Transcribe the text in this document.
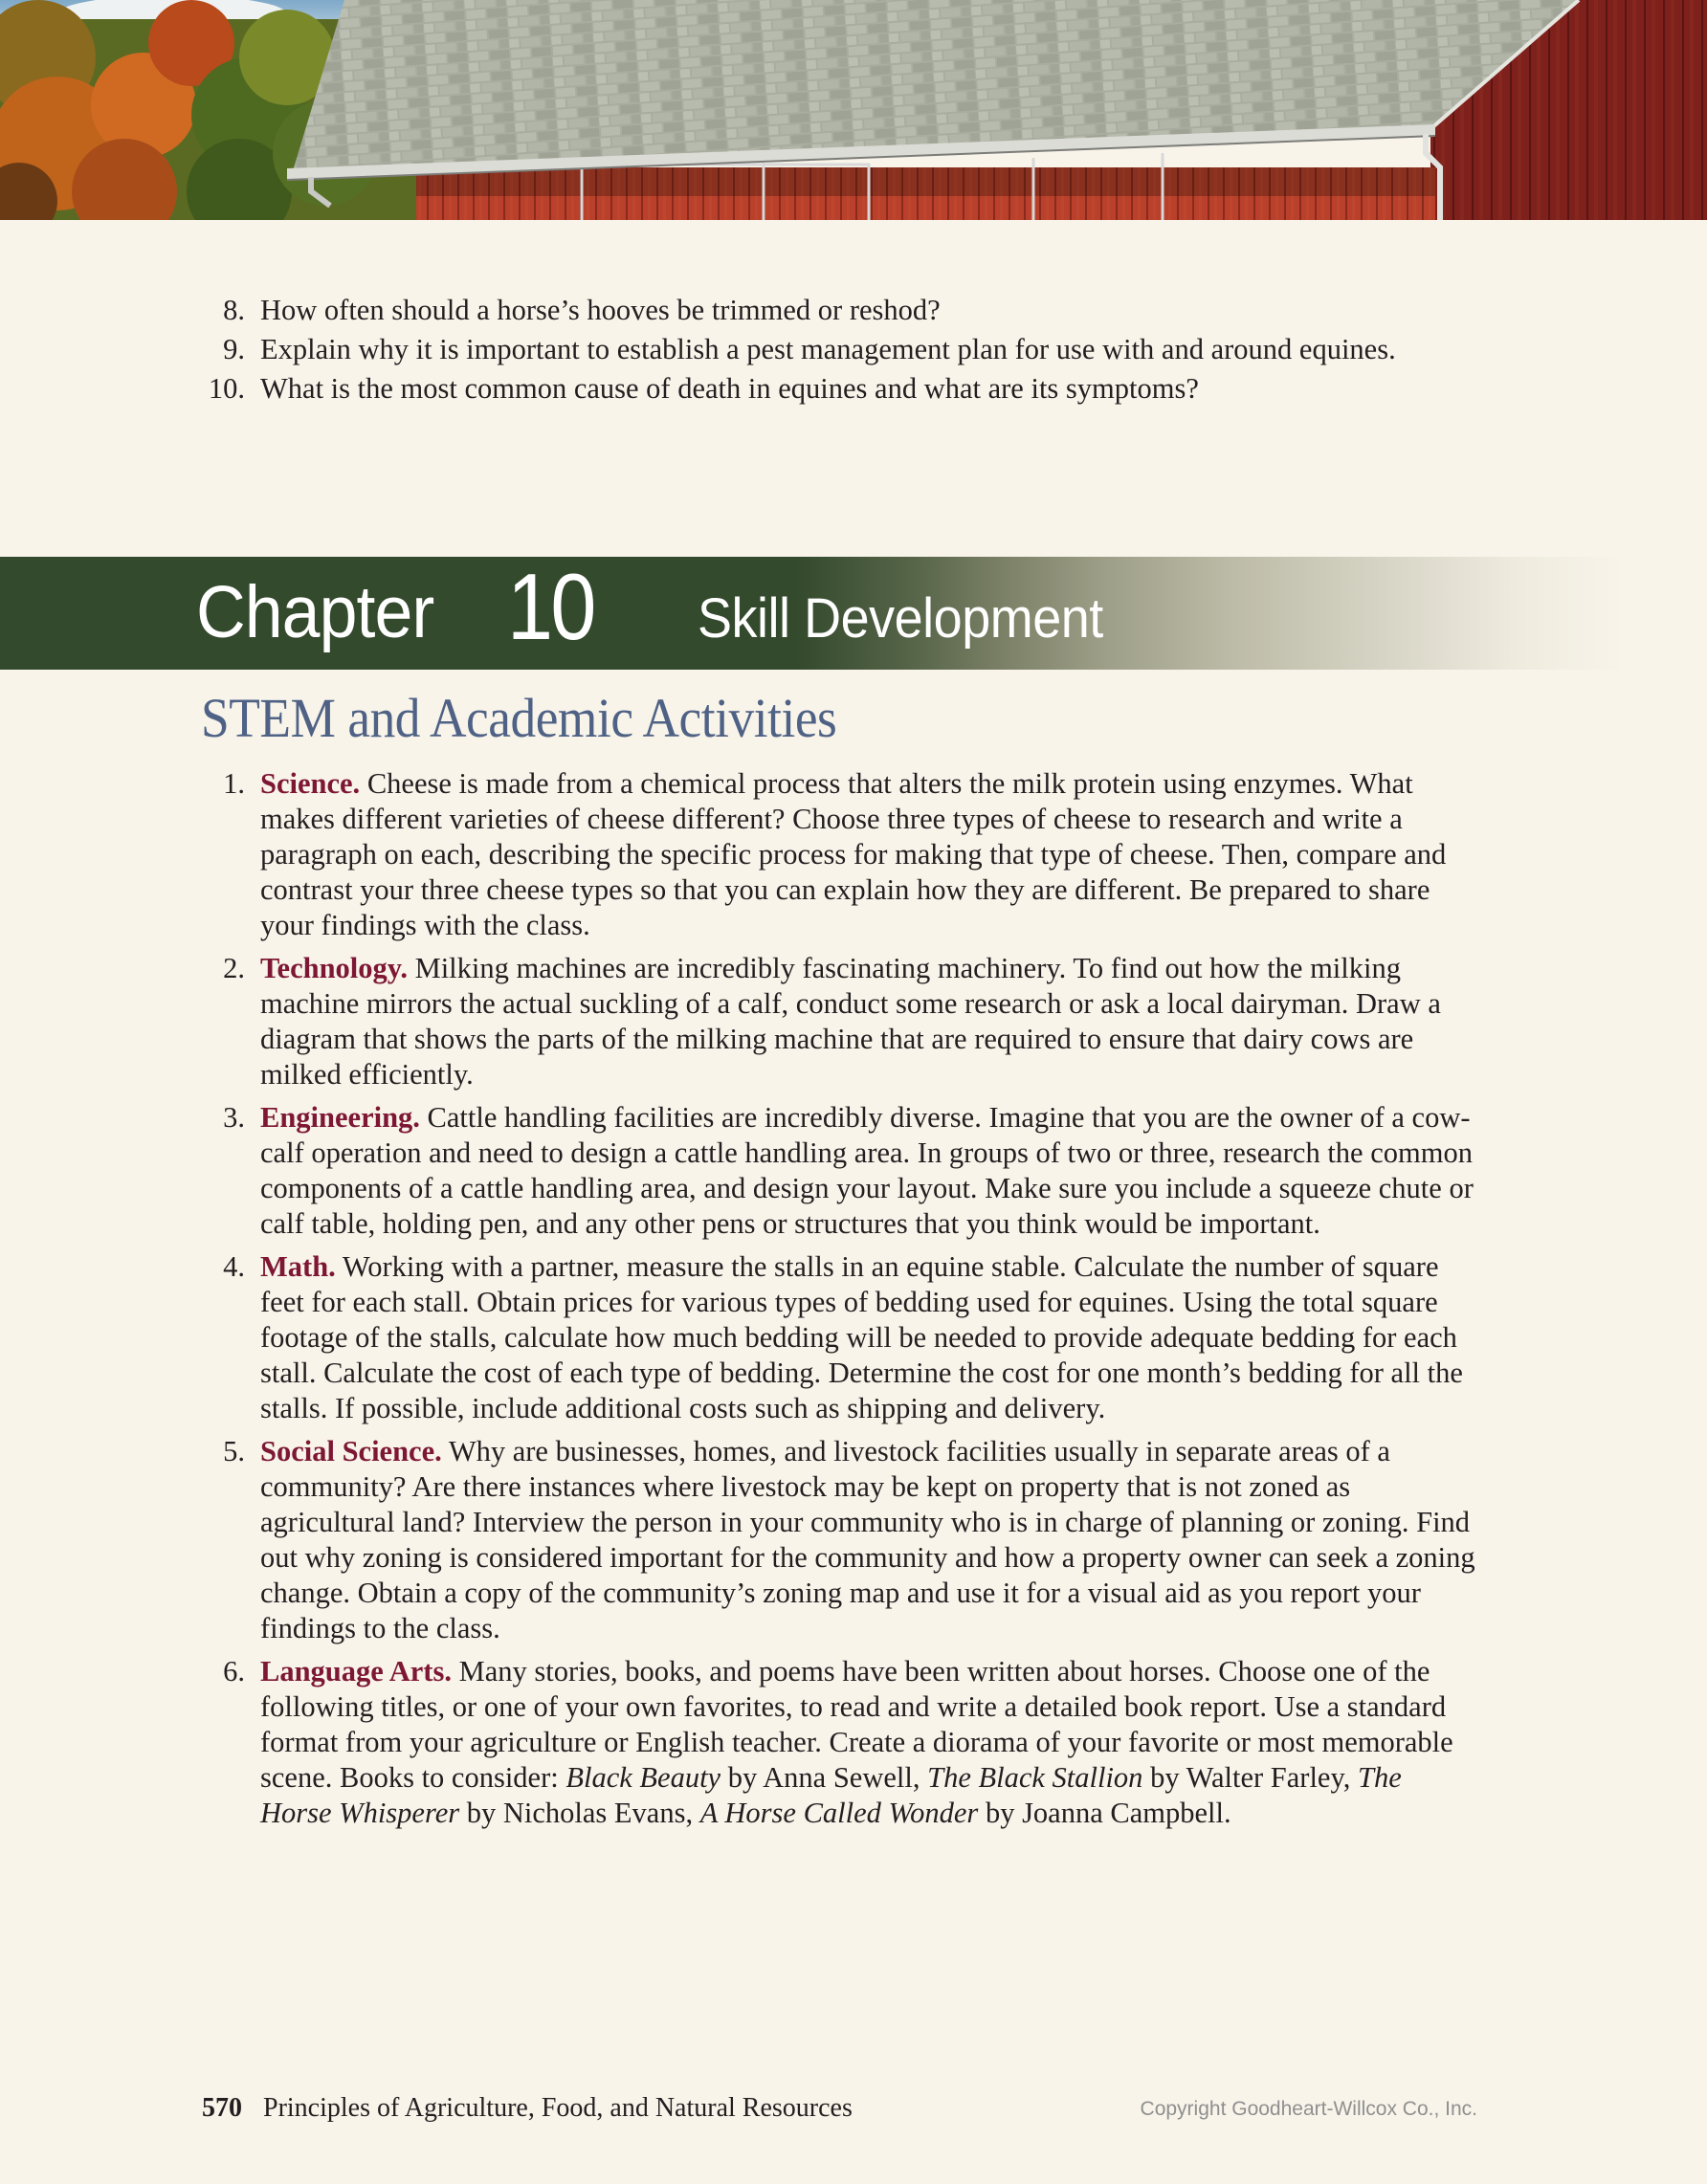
8. How often should a horse’s hooves be trimmed or reshod?
9. Explain why it is important to establish a pest management plan for use with and around equines.
10. What is the most common cause of death in equines and what are its symptoms?
Chapter 10 Skill Development
STEM and Academic Activities
1. Science. Cheese is made from a chemical process that alters the milk protein using enzymes. What makes different varieties of cheese different? Choose three types of cheese to research and write a paragraph on each, describing the specific process for making that type of cheese. Then, compare and contrast your three cheese types so that you can explain how they are different. Be prepared to share your findings with the class.
2. Technology. Milking machines are incredibly fascinating machinery. To find out how the milking machine mirrors the actual suckling of a calf, conduct some research or ask a local dairyman. Draw a diagram that shows the parts of the milking machine that are required to ensure that dairy cows are milked efficiently.
3. Engineering. Cattle handling facilities are incredibly diverse. Imagine that you are the owner of a cow-calf operation and need to design a cattle handling area. In groups of two or three, research the common components of a cattle handling area, and design your layout. Make sure you include a squeeze chute or calf table, holding pen, and any other pens or structures that you think would be important.
4. Math. Working with a partner, measure the stalls in an equine stable. Calculate the number of square feet for each stall. Obtain prices for various types of bedding used for equines. Using the total square footage of the stalls, calculate how much bedding will be needed to provide adequate bedding for each stall. Calculate the cost of each type of bedding. Determine the cost for one month’s bedding for all the stalls. If possible, include additional costs such as shipping and delivery.
5. Social Science. Why are businesses, homes, and livestock facilities usually in separate areas of a community? Are there instances where livestock may be kept on property that is not zoned as agricultural land? Interview the person in your community who is in charge of planning or zoning. Find out why zoning is considered important for the community and how a property owner can seek a zoning change. Obtain a copy of the community’s zoning map and use it for a visual aid as you report your findings to the class.
6. Language Arts. Many stories, books, and poems have been written about horses. Choose one of the following titles, or one of your own favorites, to read and write a detailed book report. Use a standard format from your agriculture or English teacher. Create a diorama of your favorite or most memorable scene. Books to consider: Black Beauty by Anna Sewell, The Black Stallion by Walter Farley, The Horse Whisperer by Nicholas Evans, A Horse Called Wonder by Joanna Campbell.
570 Principles of Agriculture, Food, and Natural Resources	Copyright Goodheart-Willcox Co., Inc.
